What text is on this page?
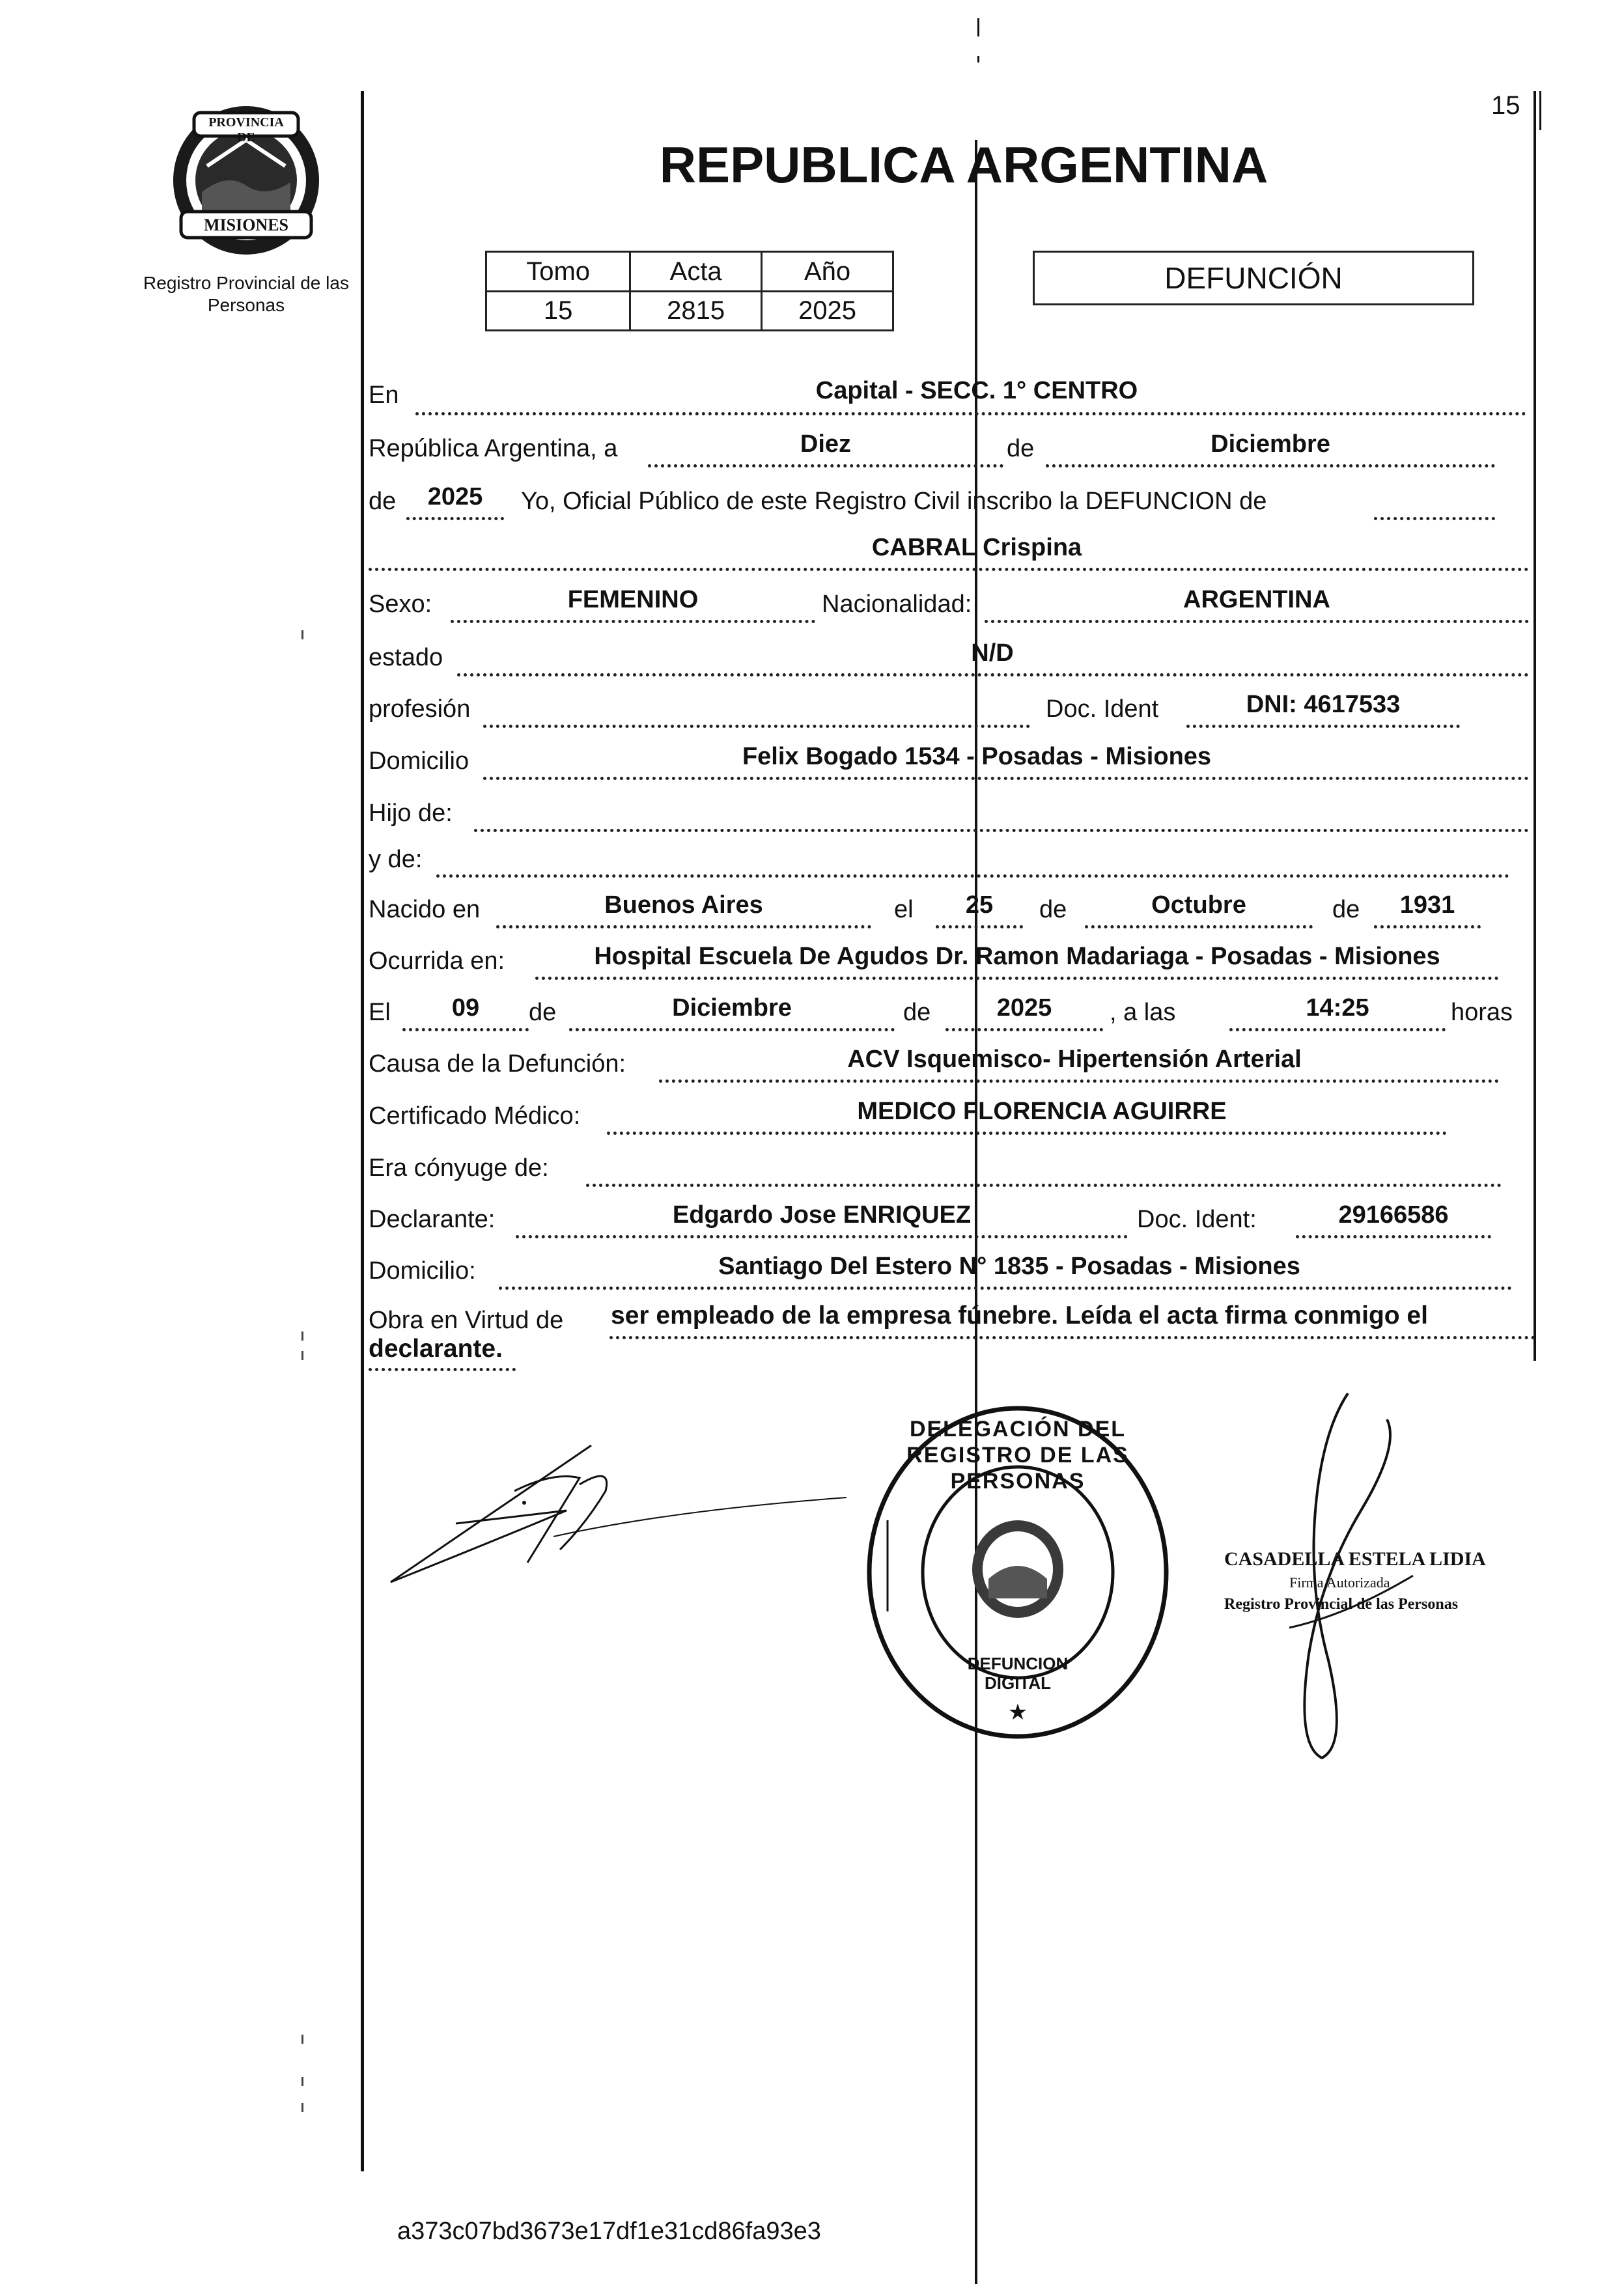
15
PROVINCIA DE
MISIONES
Registro Provincial de las Personas
REPUBLICA ARGENTINA
Tomo	Acta	Año
15	2815	2025
DEFUNCIÓN
En	Capital - SECC. 1° CENTRO
República Argentina, a	Diez	de	Diciembre
de	2025	Yo, Oficial Público de este Registro Civil inscribo la DEFUNCION de
CABRAL Crispina
Sexo:	FEMENINO	Nacionalidad:	ARGENTINA
estado	N/D
profesión	Doc. Ident	DNI: 4617533
Domicilio	Felix Bogado 1534 - Posadas - Misiones
Hijo de:
y de:
Nacido en	Buenos Aires	el	25	de	Octubre	de	1931
Ocurrida en:	Hospital Escuela De Agudos Dr. Ramon Madariaga - Posadas - Misiones
El	09	de	Diciembre	de	2025	, a las	14:25	horas
Causa de la Defunción:	ACV Isquemisco- Hipertensión Arterial
Certificado Médico:	MEDICO FLORENCIA AGUIRRE
Era cónyuge de:
Declarante:	Edgardo Jose ENRIQUEZ	Doc. Ident:	29166586
Domicilio:	Santiago Del Estero N° 1835 - Posadas - Misiones
Obra en Virtud de ser empleado de la empresa fúnebre. Leída el acta firma conmigo el
declarante.
DELEGACIÓN DEL REGISTRO DE LAS PERSONAS
DEFUNCION DIGITAL
★
CASADELLA ESTELA LIDIA
Firma Autorizada
Registro Provincial de las Personas
a373c07bd3673e17df1e31cd86fa93e3
